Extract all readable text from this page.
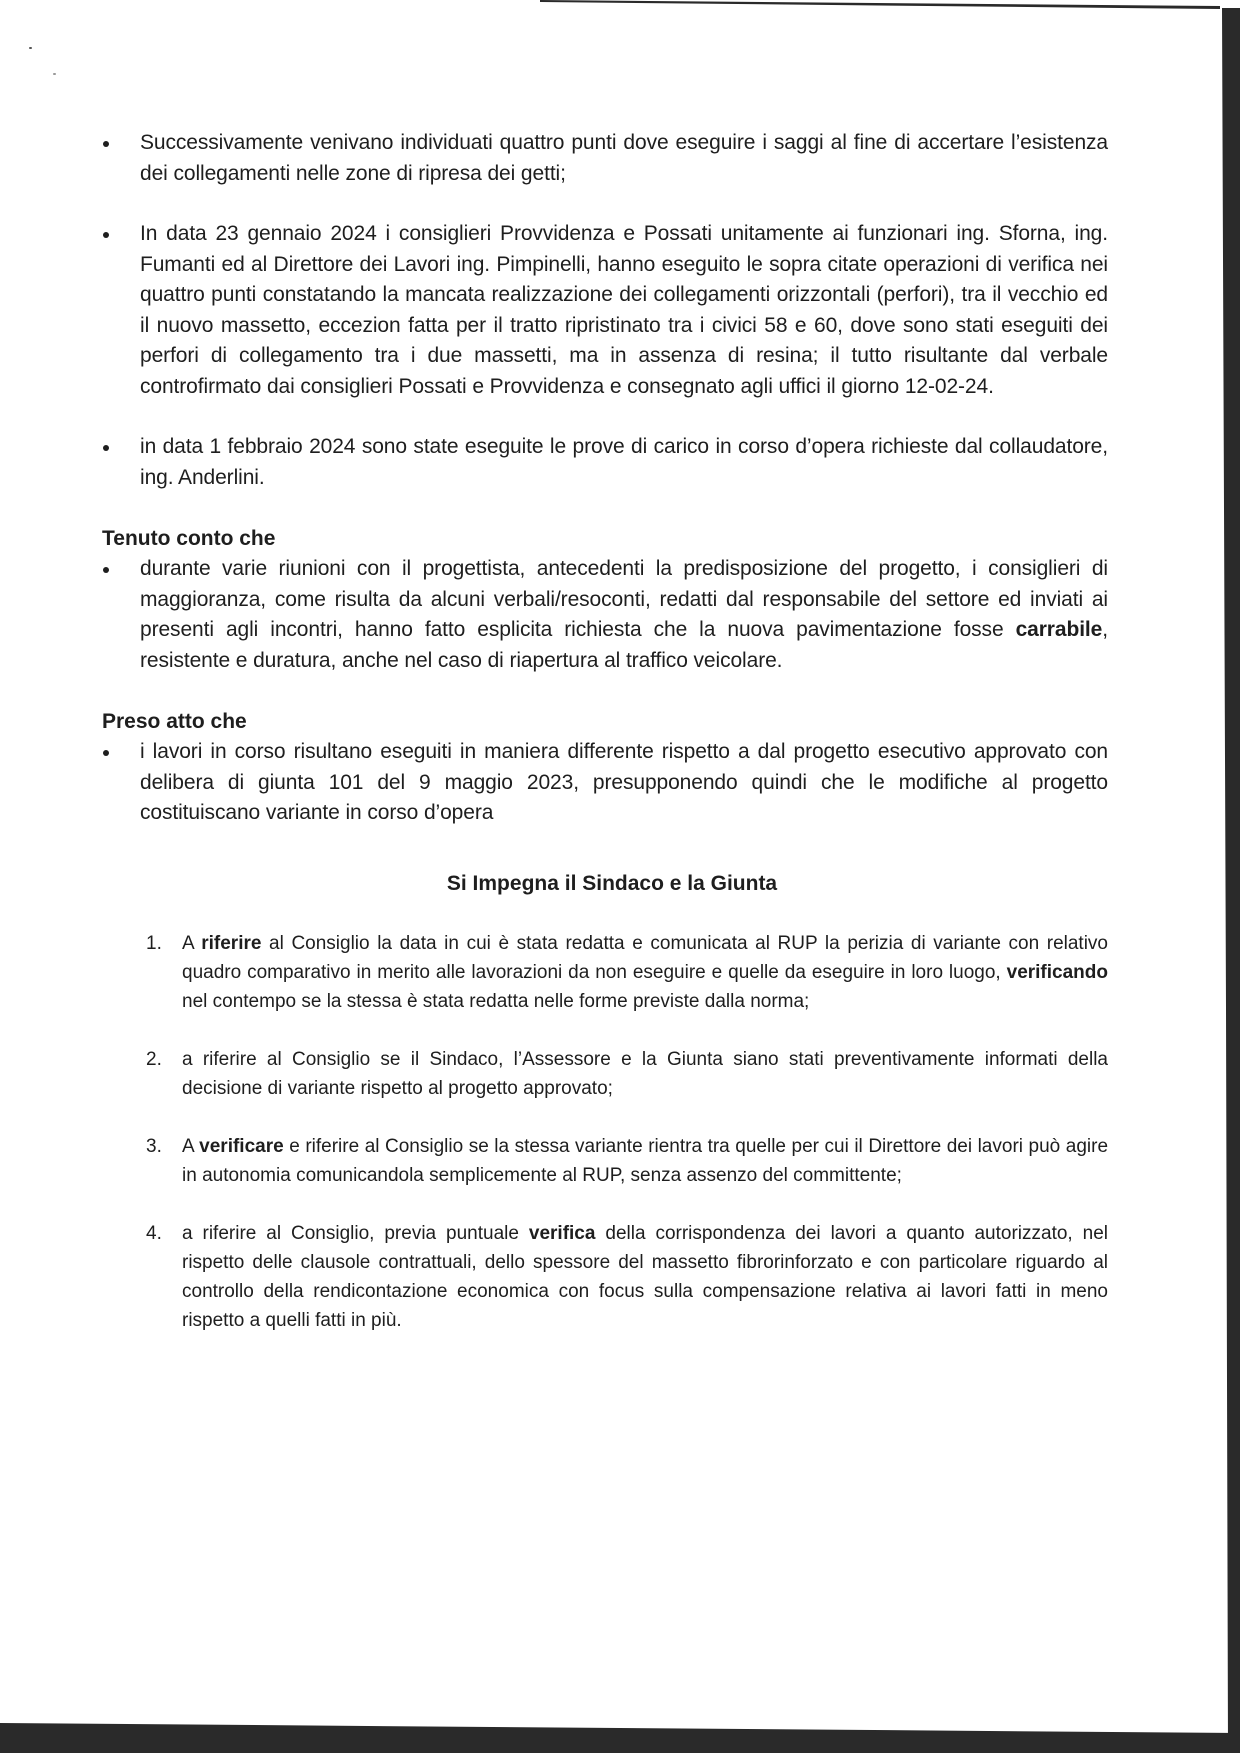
Successivamente venivano individuati quattro punti dove eseguire i saggi al fine di accertare l’esistenza dei collegamenti nelle zone di ripresa dei getti;
In data 23 gennaio 2024 i consiglieri Provvidenza e Possati unitamente ai funzionari ing. Sforna, ing. Fumanti ed al Direttore dei Lavori ing. Pimpinelli, hanno eseguito le sopra citate operazioni di verifica nei quattro punti constatando la mancata realizzazione dei collegamenti orizzontali (perfori), tra il vecchio ed il nuovo massetto, eccezion fatta per il tratto ripristinato tra i civici 58 e 60, dove sono stati eseguiti dei perfori di collegamento tra i due massetti, ma in assenza di resina; il tutto risultante dal verbale controfirmato dai consiglieri Possati e Provvidenza e consegnato agli uffici il giorno 12-02-24.
in data 1 febbraio 2024 sono state eseguite le prove di carico in corso d’opera richieste dal collaudatore, ing. Anderlini.
Tenuto conto che
durante varie riunioni con il progettista, antecedenti la predisposizione del progetto, i consiglieri di maggioranza, come risulta da alcuni verbali/resoconti, redatti dal responsabile del settore ed inviati ai presenti agli incontri, hanno fatto esplicita richiesta che la nuova pavimentazione fosse carrabile, resistente e duratura, anche nel caso di riapertura al traffico veicolare.
Preso atto che
i lavori in corso risultano eseguiti in maniera differente rispetto a dal progetto esecutivo approvato con delibera di giunta 101 del 9 maggio 2023, presupponendo quindi che le modifiche al progetto costituiscano variante in corso d’opera
Si Impegna il Sindaco e la Giunta
1. A riferire al Consiglio la data in cui è stata redatta e comunicata al RUP la perizia di variante con relativo quadro comparativo in merito alle lavorazioni da non eseguire e quelle da eseguire in loro luogo, verificando nel contempo se la stessa è stata redatta nelle forme previste dalla norma;
2. a riferire al Consiglio se il Sindaco, l’Assessore e la Giunta siano stati preventivamente informati della decisione di variante rispetto al progetto approvato;
3. A verificare e riferire al Consiglio se la stessa variante rientra tra quelle per cui il Direttore dei lavori può agire in autonomia comunicandola semplicemente al RUP, senza assenzo del committente;
4. a riferire al Consiglio, previa puntuale verifica della corrispondenza dei lavori a quanto autorizzato, nel rispetto delle clausole contrattuali, dello spessore del massetto fibrorinforzato e con particolare riguardo al controllo della rendicontazione economica con focus sulla compensazione relativa ai lavori fatti in meno rispetto a quelli fatti in più.
